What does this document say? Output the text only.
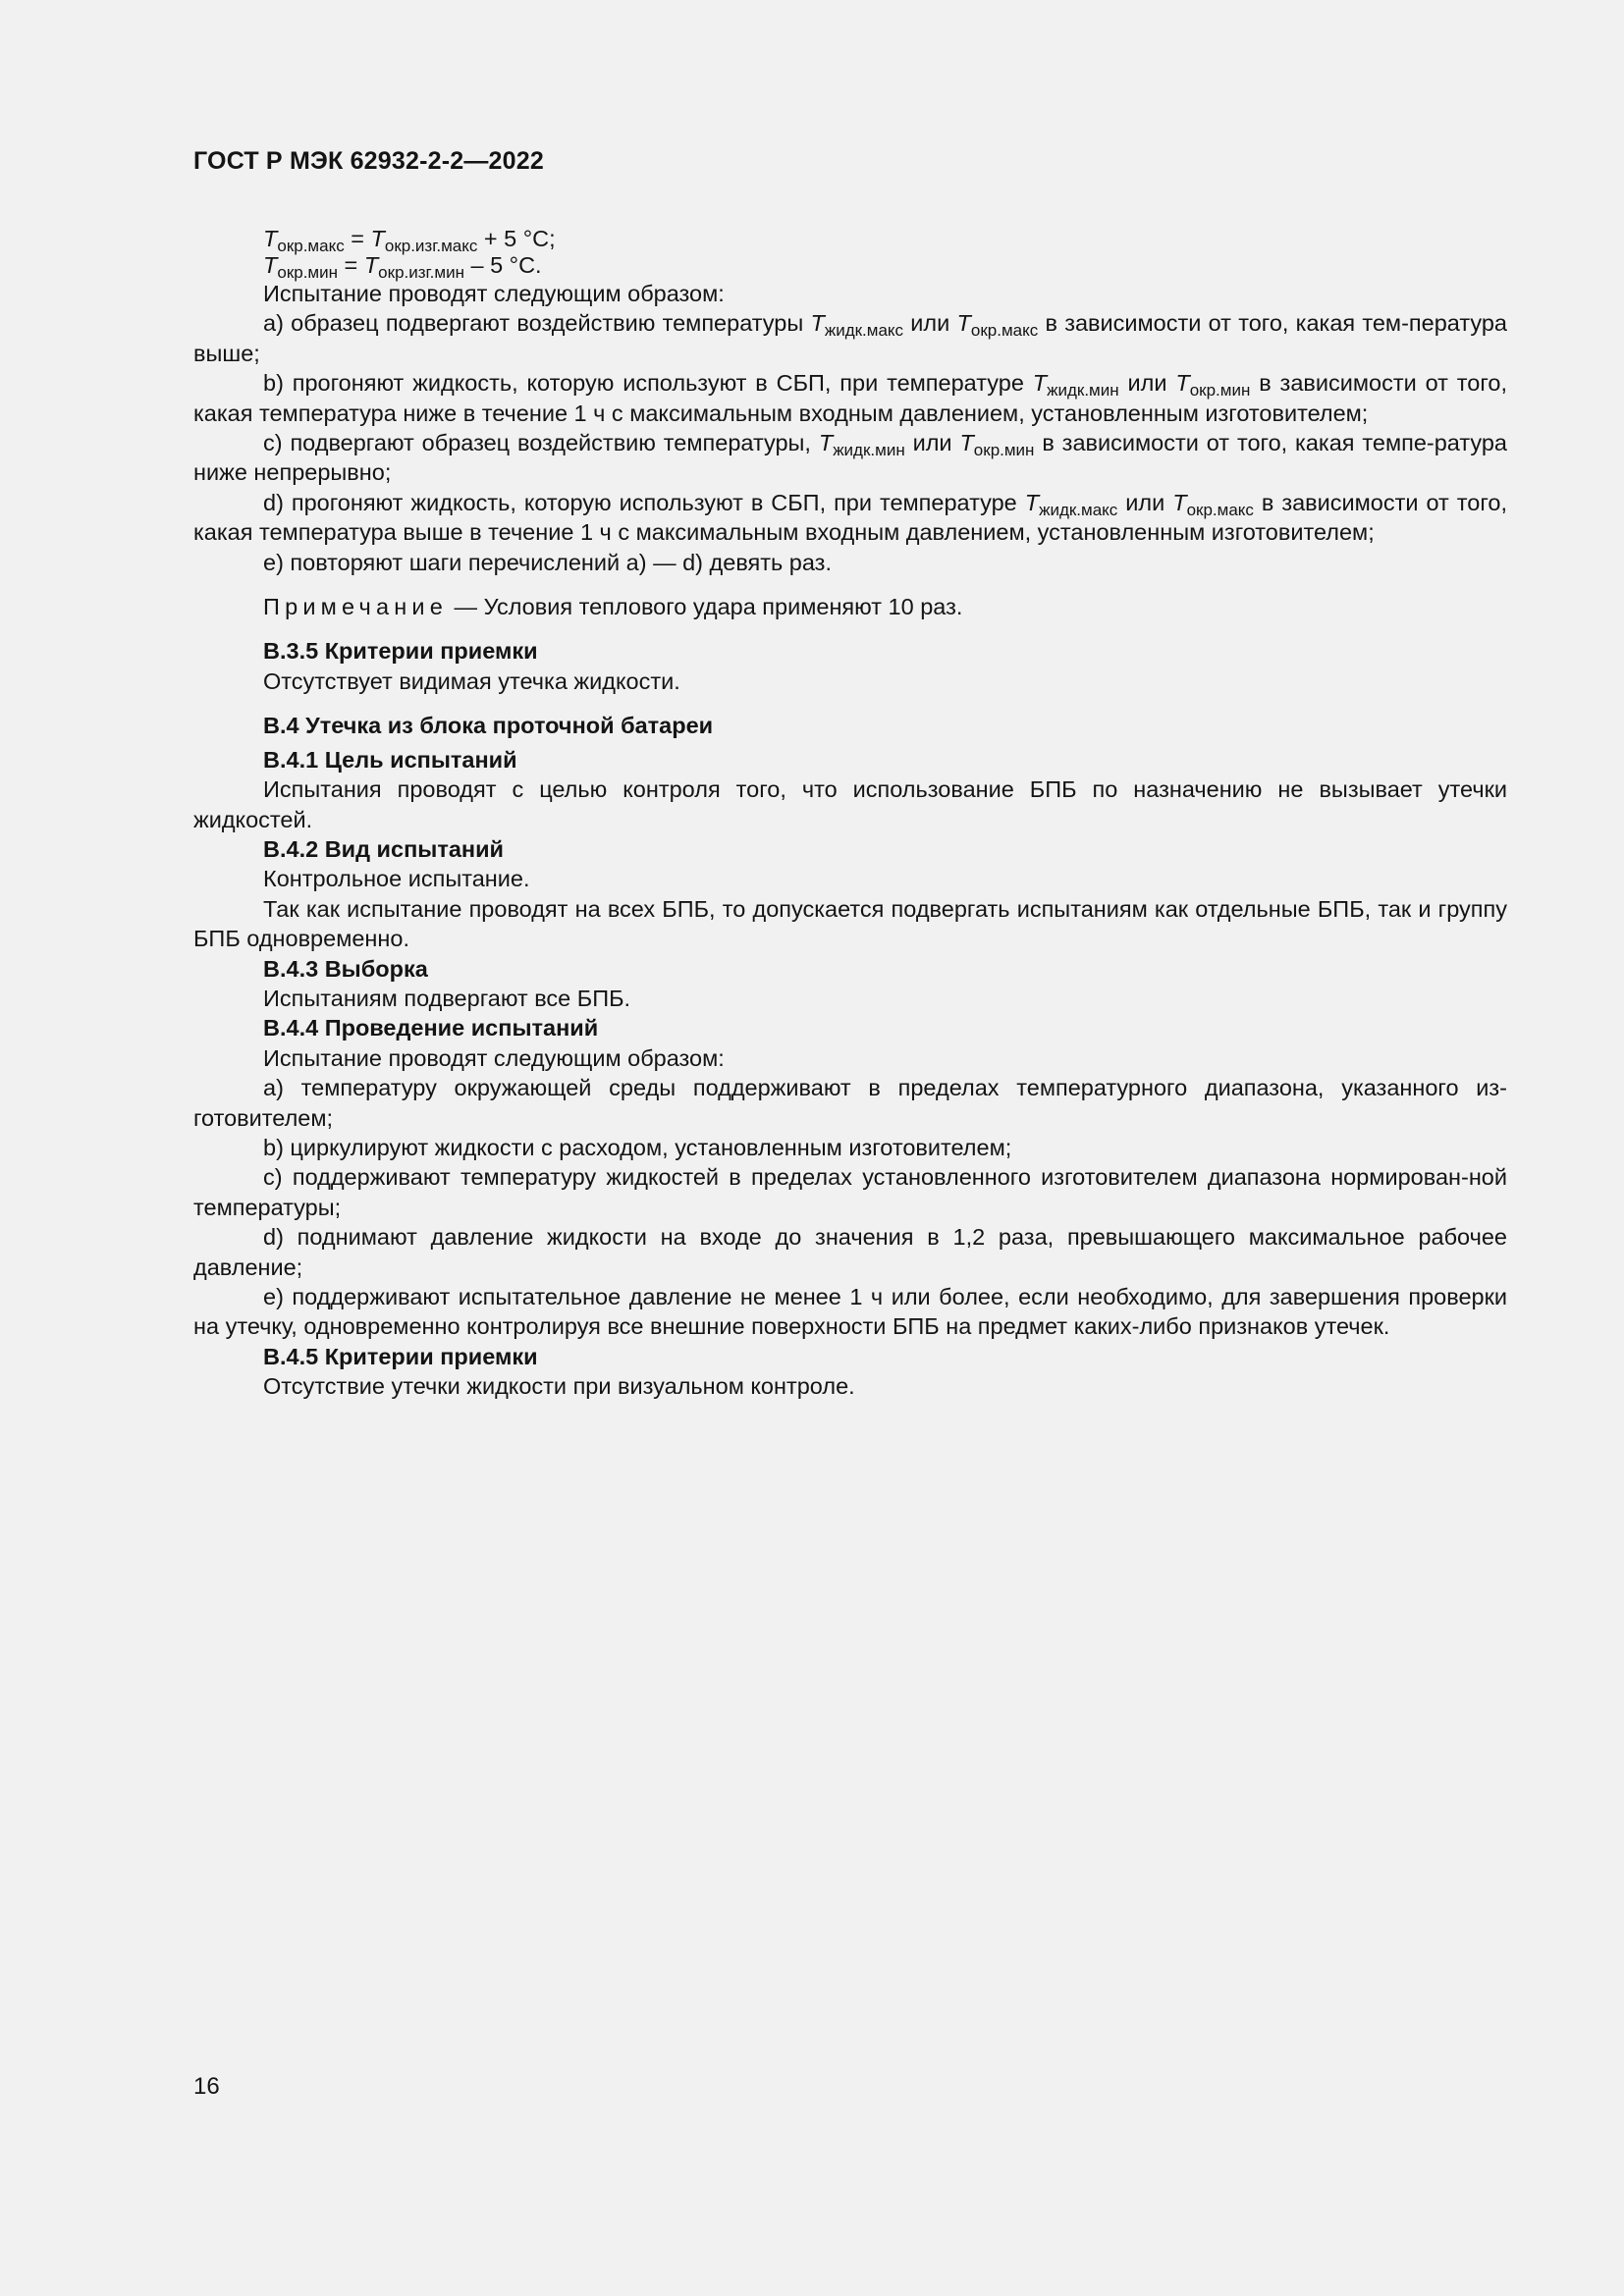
ГОСТ Р МЭК 62932-2-2—2022

$T_{окр.макс} = T_{окр.изг.макс} + 5$ °С;

$T_{окр.мин} = T_{окр.изг.мин} - 5$ °С.

Испытание проводят следующим образом:

а) образец подвергают воздействию температуры $T_{жидк.макс}$ или $T_{окр.макс}$ в зависимости от того, какая тем-пература выше;

b) прогоняют жидкость, которую используют в СБП, при температуре $T_{жидк.мин}$ или $T_{окр.мин}$ в зависимости от того, какая температура ниже в течение 1 ч с максимальным входным давлением, установленным изготовителем;

с) подвергают образец воздействию температуры, $T_{жидк.мин}$ или $T_{окр.мин}$ в зависимости от того, какая темпе-ратура ниже непрерывно;

d) прогоняют жидкость, которую используют в СБП, при температуре $T_{жидк.макс}$ или $T_{окр.макс}$ в зависимости от того, какая температура выше в течение 1 ч с максимальным входным давлением, установленным изготовителем;

е) повторяют шаги перечислений а) — d) девять раз.

Примечание — Условия теплового удара применяют 10 раз.

В.3.5 Критерии приемки

Отсутствует видимая утечка жидкости.

В.4 Утечка из блока проточной батареи

В.4.1 Цель испытаний

Испытания проводят с целью контроля того, что использование БПБ по назначению не вызывает утечки жидкостей.

В.4.2 Вид испытаний

Контрольное испытание.

Так как испытание проводят на всех БПБ, то допускается подвергать испытаниям как отдельные БПБ, так и группу БПБ одновременно.

В.4.3 Выборка

Испытаниям подвергают все БПБ.

В.4.4 Проведение испытаний

Испытание проводят следующим образом:

а) температуру окружающей среды поддерживают в пределах температурного диапазона, указанного из-готовителем;

b) циркулируют жидкости с расходом, установленным изготовителем;

с) поддерживают температуру жидкостей в пределах установленного изготовителем диапазона нормирован-ной температуры;

d) поднимают давление жидкости на входе до значения в 1,2 раза, превышающего максимальное рабочее давление;

е) поддерживают испытательное давление не менее 1 ч или более, если необходимо, для завершения проверки на утечку, одновременно контролируя все внешние поверхности БПБ на предмет каких-либо признаков утечек.

В.4.5 Критерии приемки

Отсутствие утечки жидкости при визуальном контроле.

16
